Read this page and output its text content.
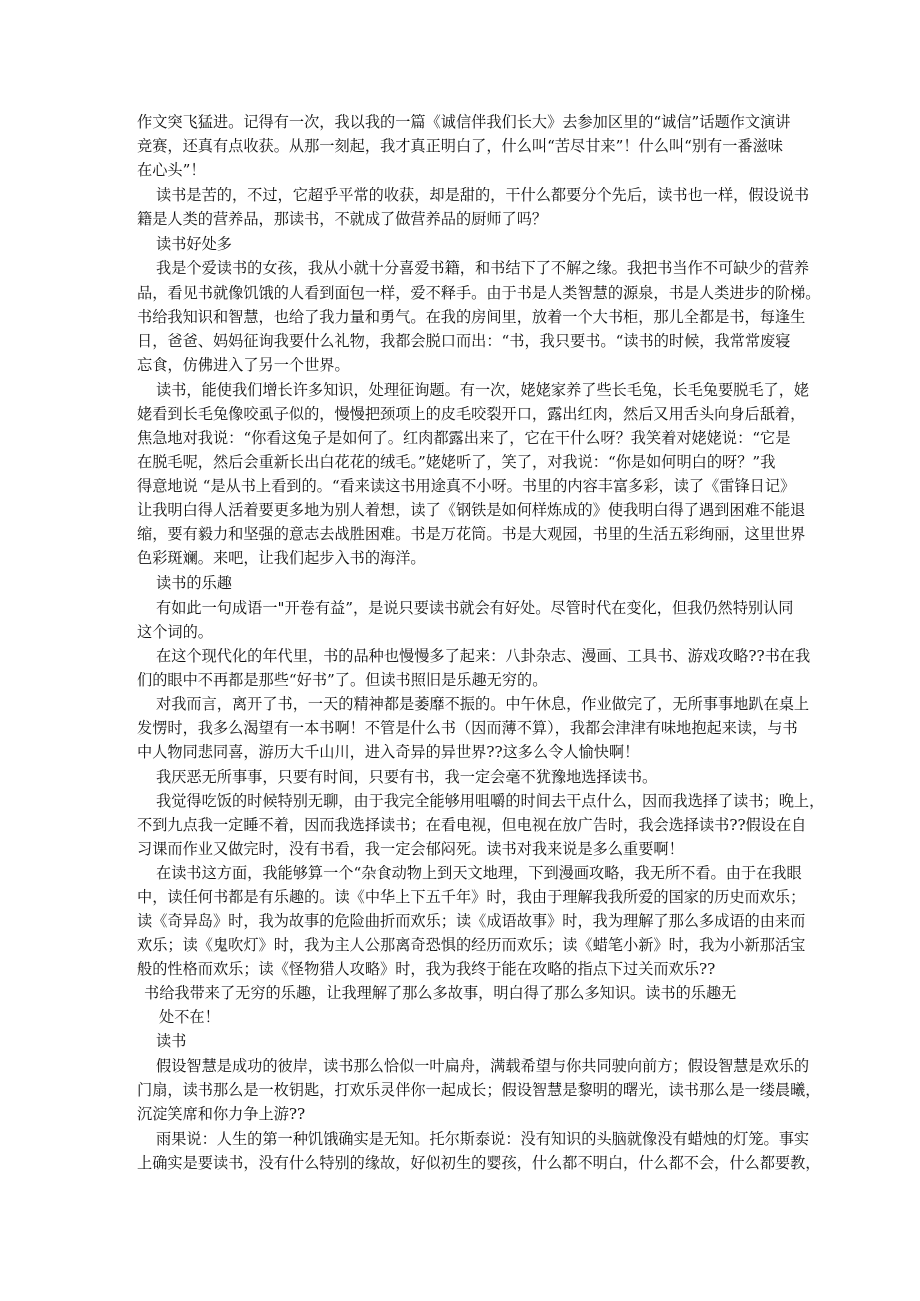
作文突飞猛进。记得有一次，我以我的一篇《诚信伴我们长大》去参加区里的“诚信”话题作文演讲
竞赛，还真有点收获。从那一刻起，我才真正明白了，什么叫“苦尽甘来”！什么叫“别有一番滋味
在心头”！
读书是苦的，不过，它超乎平常的收获，却是甜的，干什么都要分个先后，读书也一样，假设说书
籍是人类的营养品，那读书，不就成了做营养品的厨师了吗？
读书好处多
我是个爱读书的女孩，我从小就十分喜爱书籍，和书结下了不解之缘。我把书当作不可缺少的营养
品，看见书就像饥饿的人看到面包一样，爱不释手。由于书是人类智慧的源泉，书是人类进步的阶梯。
书给我知识和智慧，也给了我力量和勇气。在我的房间里，放着一个大书柜，那儿全都是书，每逢生
日，爸爸、妈妈征询我要什么礼物，我都会脱口而出：“书，我只要书。“读书的时候，我常常废寝
忘食，仿佛进入了另一个世界。
读书，能使我们增长许多知识，处理征询题。有一次，姥姥家养了些长毛兔，长毛兔要脱毛了，姥
姥看到长毛兔像咬虱子似的，慢慢把颈项上的皮毛咬裂开口，露出红肉，然后又用舌头向身后舐着，
焦急地对我说：“你看这兔子是如何了。红肉都露出来了，它在干什么呀？我笑着对姥姥说：“它是
在脱毛呢，然后会重新长出白花花的绒毛。”姥姥听了，笑了，对我说：“你是如何明白的呀？”我
得意地说 “是从书上看到的。“看来读这书用途真不小呀。书里的内容丰富多彩，读了《雷锋日记》
让我明白得人活着要更多地为别人着想，读了《钢铁是如何样炼成的》使我明白得了遇到困难不能退
缩，要有毅力和坚强的意志去战胜困难。书是万花筒。书是大观园，书里的生活五彩绚丽，这里世界
色彩斑斓。来吧，让我们起步入书的海洋。
读书的乐趣
有如此一句成语一"开卷有益”，是说只要读书就会有好处。尽管时代在变化，但我仍然特别认同
这个词的。
在这个现代化的年代里，书的品种也慢慢多了起来：八卦杂志、漫画、工具书、游戏攻略??书在我
们的眼中不再都是那些“好书”了。但读书照旧是乐趣无穷的。
对我而言，离开了书，一天的精神都是萎靡不振的。中午休息，作业做完了，无所事事地趴在桌上
发愣时，我多么渴望有一本书啊！不管是什么书（因而薄不算），我都会津津有味地抱起来读，与书
中人物同悲同喜，游历大千山川，进入奇异的异世界??这多么令人愉快啊！
我厌恶无所事事，只要有时间，只要有书，我一定会毫不犹豫地选择读书。
我觉得吃饭的时候特别无聊，由于我完全能够用咀嚼的时间去干点什么，因而我选择了读书；晚上，
不到九点我一定睡不着，因而我选择读书；在看电视，但电视在放广告时，我会选择读书??假设在自
习课而作业又做完时，没有书看，我一定会郁闷死。读书对我来说是多么重要啊！
在读书这方面，我能够算一个“杂食动物上到天文地理，下到漫画攻略，我无所不看。由于在我眼
中，读任何书都是有乐趣的。读《中华上下五千年》时，我由于理解我我所爱的国家的历史而欢乐；
读《奇异岛》时，我为故事的危险曲折而欢乐；读《成语故事》时，我为理解了那么多成语的由来而
欢乐；读《鬼吹灯》时，我为主人公那离奇恐惧的经历而欢乐；读《蜡笔小新》时，我为小新那活宝
般的性格而欢乐；读《怪物猎人攻略》时，我为我终于能在攻略的指点下过关而欢乐??
书给我带来了无穷的乐趣，让我理解了那么多故事，明白得了那么多知识。读书的乐趣无
处不在！
读书
假设智慧是成功的彼岸，读书那么恰似一叶扁舟，满载希望与你共同驶向前方；假设智慧是欢乐的
门扇，读书那么是一枚钥匙，打欢乐灵伴你一起成长；假设智慧是黎明的曙光，读书那么是一缕晨曦，
沉淀笑席和你力争上游??
雨果说：人生的第一种饥饿确实是无知。托尔斯泰说：没有知识的头脑就像没有蜡烛的灯笼。事实
上确实是要读书，没有什么特别的缘故，好似初生的婴孩，什么都不明白，什么都不会，什么都要教，
